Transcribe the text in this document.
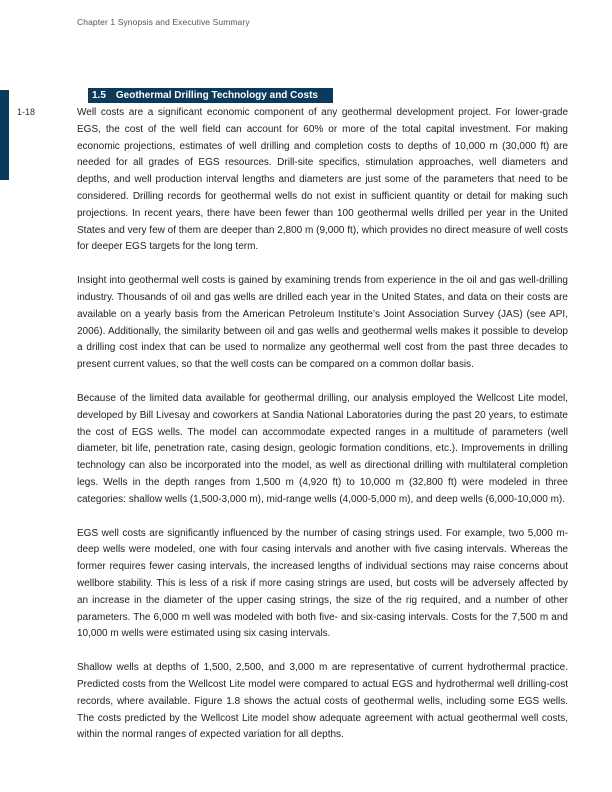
Chapter 1 Synopsis and Executive Summary
1-18
1.5 Geothermal Drilling Technology and Costs

Well costs are a significant economic component of any geothermal development project. For lower-grade EGS, the cost of the well field can account for 60% or more of the total capital investment. For making economic projections, estimates of well drilling and completion costs to depths of 10,000 m (30,000 ft) are needed for all grades of EGS resources. Drill-site specifics, stimulation approaches, well diameters and depths, and well production interval lengths and diameters are just some of the parameters that need to be considered. Drilling records for geothermal wells do not exist in sufficient quantity or detail for making such projections. In recent years, there have been fewer than 100 geothermal wells drilled per year in the United States and very few of them are deeper than 2,800 m (9,000 ft), which provides no direct measure of well costs for deeper EGS targets for the long term.

Insight into geothermal well costs is gained by examining trends from experience in the oil and gas well-drilling industry. Thousands of oil and gas wells are drilled each year in the United States, and data on their costs are available on a yearly basis from the American Petroleum Institute’s Joint Association Survey (JAS) (see API, 2006). Additionally, the similarity between oil and gas wells and geothermal wells makes it possible to develop a drilling cost index that can be used to normalize any geothermal well cost from the past three decades to present current values, so that the well costs can be compared on a common dollar basis.

Because of the limited data available for geothermal drilling, our analysis employed the Wellcost Lite model, developed by Bill Livesay and coworkers at Sandia National Laboratories during the past 20 years, to estimate the cost of EGS wells. The model can accommodate expected ranges in a multitude of parameters (well diameter, bit life, penetration rate, casing design, geologic formation conditions, etc.). Improvements in drilling technology can also be incorporated into the model, as well as directional drilling with multilateral completion legs. Wells in the depth ranges from 1,500 m (4,920 ft) to 10,000 m (32,800 ft) were modeled in three categories: shallow wells (1,500-3,000 m), mid-range wells (4,000-5,000 m), and deep wells (6,000-10,000 m).

EGS well costs are significantly influenced by the number of casing strings used. For example, two 5,000 m-deep wells were modeled, one with four casing intervals and another with five casing intervals. Whereas the former requires fewer casing intervals, the increased lengths of individual sections may raise concerns about wellbore stability. This is less of a risk if more casing strings are used, but costs will be adversely affected by an increase in the diameter of the upper casing strings, the size of the rig required, and a number of other parameters. The 6,000 m well was modeled with both five- and six-casing intervals. Costs for the 7,500 m and 10,000 m wells were estimated using six casing intervals.

Shallow wells at depths of 1,500, 2,500, and 3,000 m are representative of current hydrothermal practice. Predicted costs from the Wellcost Lite model were compared to actual EGS and hydrothermal well drilling-cost records, where available. Figure 1.8 shows the actual costs of geothermal wells, including some EGS wells. The costs predicted by the Wellcost Lite model show adequate agreement with actual geothermal well costs, within the normal ranges of expected variation for all depths.
